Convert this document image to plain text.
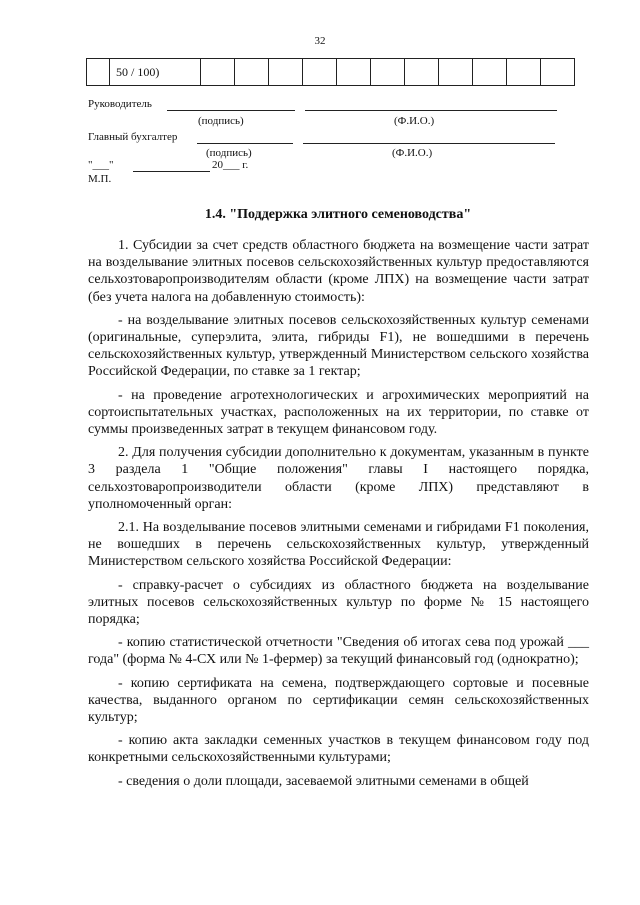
32
	50 / 100)											
Руководитель
(подпись)	(Ф.И.О.)
Главный бухгалтер
(подпись)	(Ф.И.О.)
"___"	20___ г.
М.П.
1.4. "Поддержка элитного семеноводства"

1. Субсидии за счет средств областного бюджета на возмещение части затрат на возделывание элитных посевов сельскохозяйственных культур предоставляются сельхозтоваропроизводителям области (кроме ЛПХ) на возмещение части затрат (без учета налога на добавленную стоимость):

- на возделывание элитных посевов сельскохозяйственных культур семенами (оригинальные, суперэлита, элита, гибриды F1), не вошедшими в перечень сельскохозяйственных культур, утвержденный Министерством сельского хозяйства Российской Федерации, по ставке за 1 гектар;

- на проведение агротехнологических и агрохимических мероприятий на сортоиспытательных участках, расположенных на их территории, по ставке от суммы произведенных затрат в текущем финансовом году.

2. Для получения субсидии дополнительно к документам, указанным в пункте 3 раздела 1 "Общие положения" главы I настоящего порядка, сельхозтоваропроизводители области (кроме ЛПХ) представляют в уполномоченный орган:

2.1. На возделывание посевов элитными семенами и гибридами F1 поколения, не вошедших в перечень сельскохозяйственных культур, утвержденный Министерством сельского хозяйства Российской Федерации:

- справку-расчет о субсидиях из областного бюджета на возделывание элитных посевов сельскохозяйственных культур по форме № 15 настоящего порядка;

- копию статистической отчетности "Сведения об итогах сева под урожай ___ года" (форма № 4-СХ или № 1-фермер) за текущий финансовый год (однократно);

- копию сертификата на семена, подтверждающего сортовые и посевные качества, выданного органом по сертификации семян сельскохозяйственных культур;

- копию акта закладки семенных участков в текущем финансовом году под конкретными сельскохозяйственными культурами;

- сведения о доли площади, засеваемой элитными семенами в общей
